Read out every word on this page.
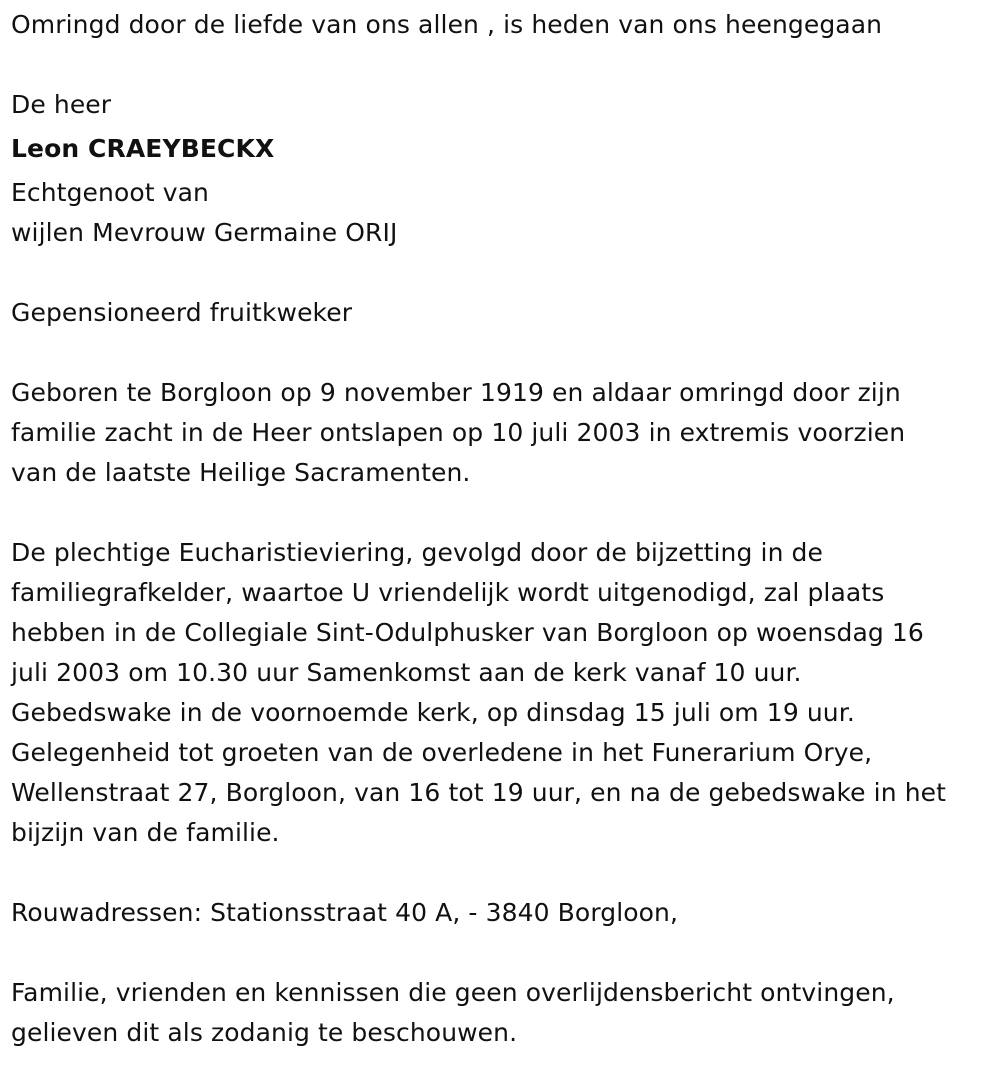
Omringd door de liefde van ons allen , is heden van ons heengegaan

De heer

Leon CRAEYBECKX

Echtgenoot van

wijlen Mevrouw Germaine ORIJ

Gepensioneerd fruitkweker

Geboren te Borgloon op 9 november 1919 en aldaar omringd door zijn

familie zacht in de Heer ontslapen op 10 juli 2003 in extremis voorzien

van de laatste Heilige Sacramenten.

De plechtige Eucharistieviering, gevolgd door de bijzetting in de

familiegrafkelder, waartoe U vriendelijk wordt uitgenodigd, zal plaats

hebben in de Collegiale Sint-Odulphusker van Borgloon op woensdag 16

juli 2003 om 10.30 uur Samenkomst aan de kerk vanaf 10 uur.

Gebedswake in de voornoemde kerk, op dinsdag 15 juli om 19 uur.

Gelegenheid tot groeten van de overledene in het Funerarium Orye,

Wellenstraat 27, Borgloon, van 16 tot 19 uur, en na de gebedswake in het

bijzijn van de familie.

Rouwadressen: Stationsstraat 40 A, - 3840 Borgloon,

Familie, vrienden en kennissen die geen overlijdensbericht ontvingen,

gelieven dit als zodanig te beschouwen.
